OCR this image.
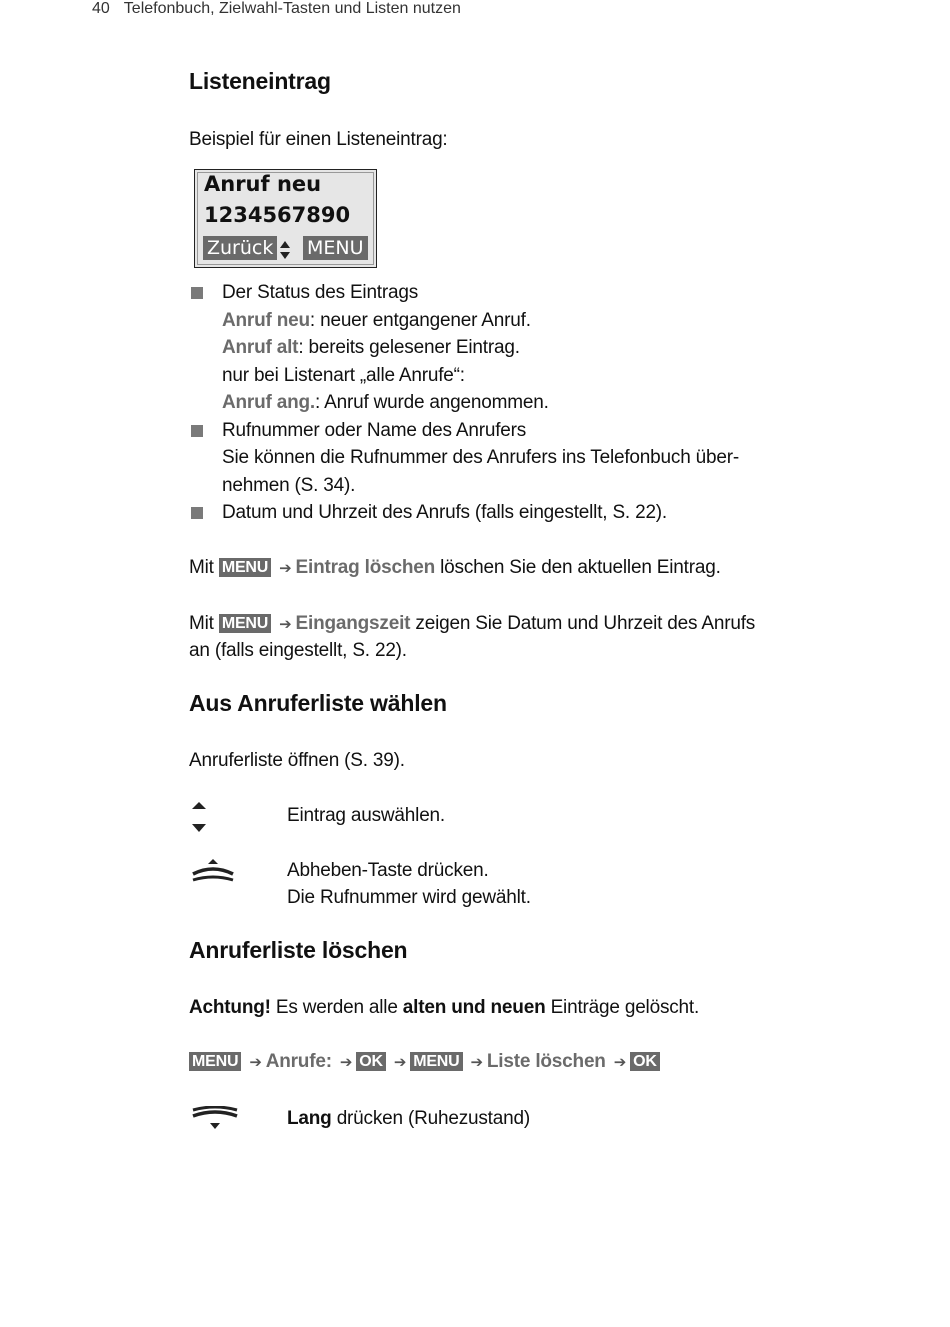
40 Telefonbuch, Zielwahl-Tasten und Listen nutzen
Listeneintrag
Beispiel für einen Listeneintrag:
Anruf neu
1234567890
Zurück MENU
Der Status des Eintrags
Anruf neu: neuer entgangener Anruf.
Anruf alt: bereits gelesener Eintrag.
nur bei Listenart „alle Anrufe“:
Anruf ang.: Anruf wurde angenommen.
Rufnummer oder Name des Anrufers
Sie können die Rufnummer des Anrufers ins Telefonbuch über-
nehmen (S. 34).
Datum und Uhrzeit des Anrufs (falls eingestellt, S. 22).
Mit MENU ➔ Eintrag löschen löschen Sie den aktuellen Eintrag.
Mit MENU ➔ Eingangszeit zeigen Sie Datum und Uhrzeit des Anrufs
an (falls eingestellt, S. 22).
Aus Anruferliste wählen
Anruferliste öffnen (S. 39).
Eintrag auswählen.
Abheben-Taste drücken.
Die Rufnummer wird gewählt.
Anruferliste löschen
Achtung! Es werden alle alten und neuen Einträge gelöscht.
MENU ➔ Anrufe: ➔ OK ➔ MENU ➔ Liste löschen ➔ OK
Lang drücken (Ruhezustand)
